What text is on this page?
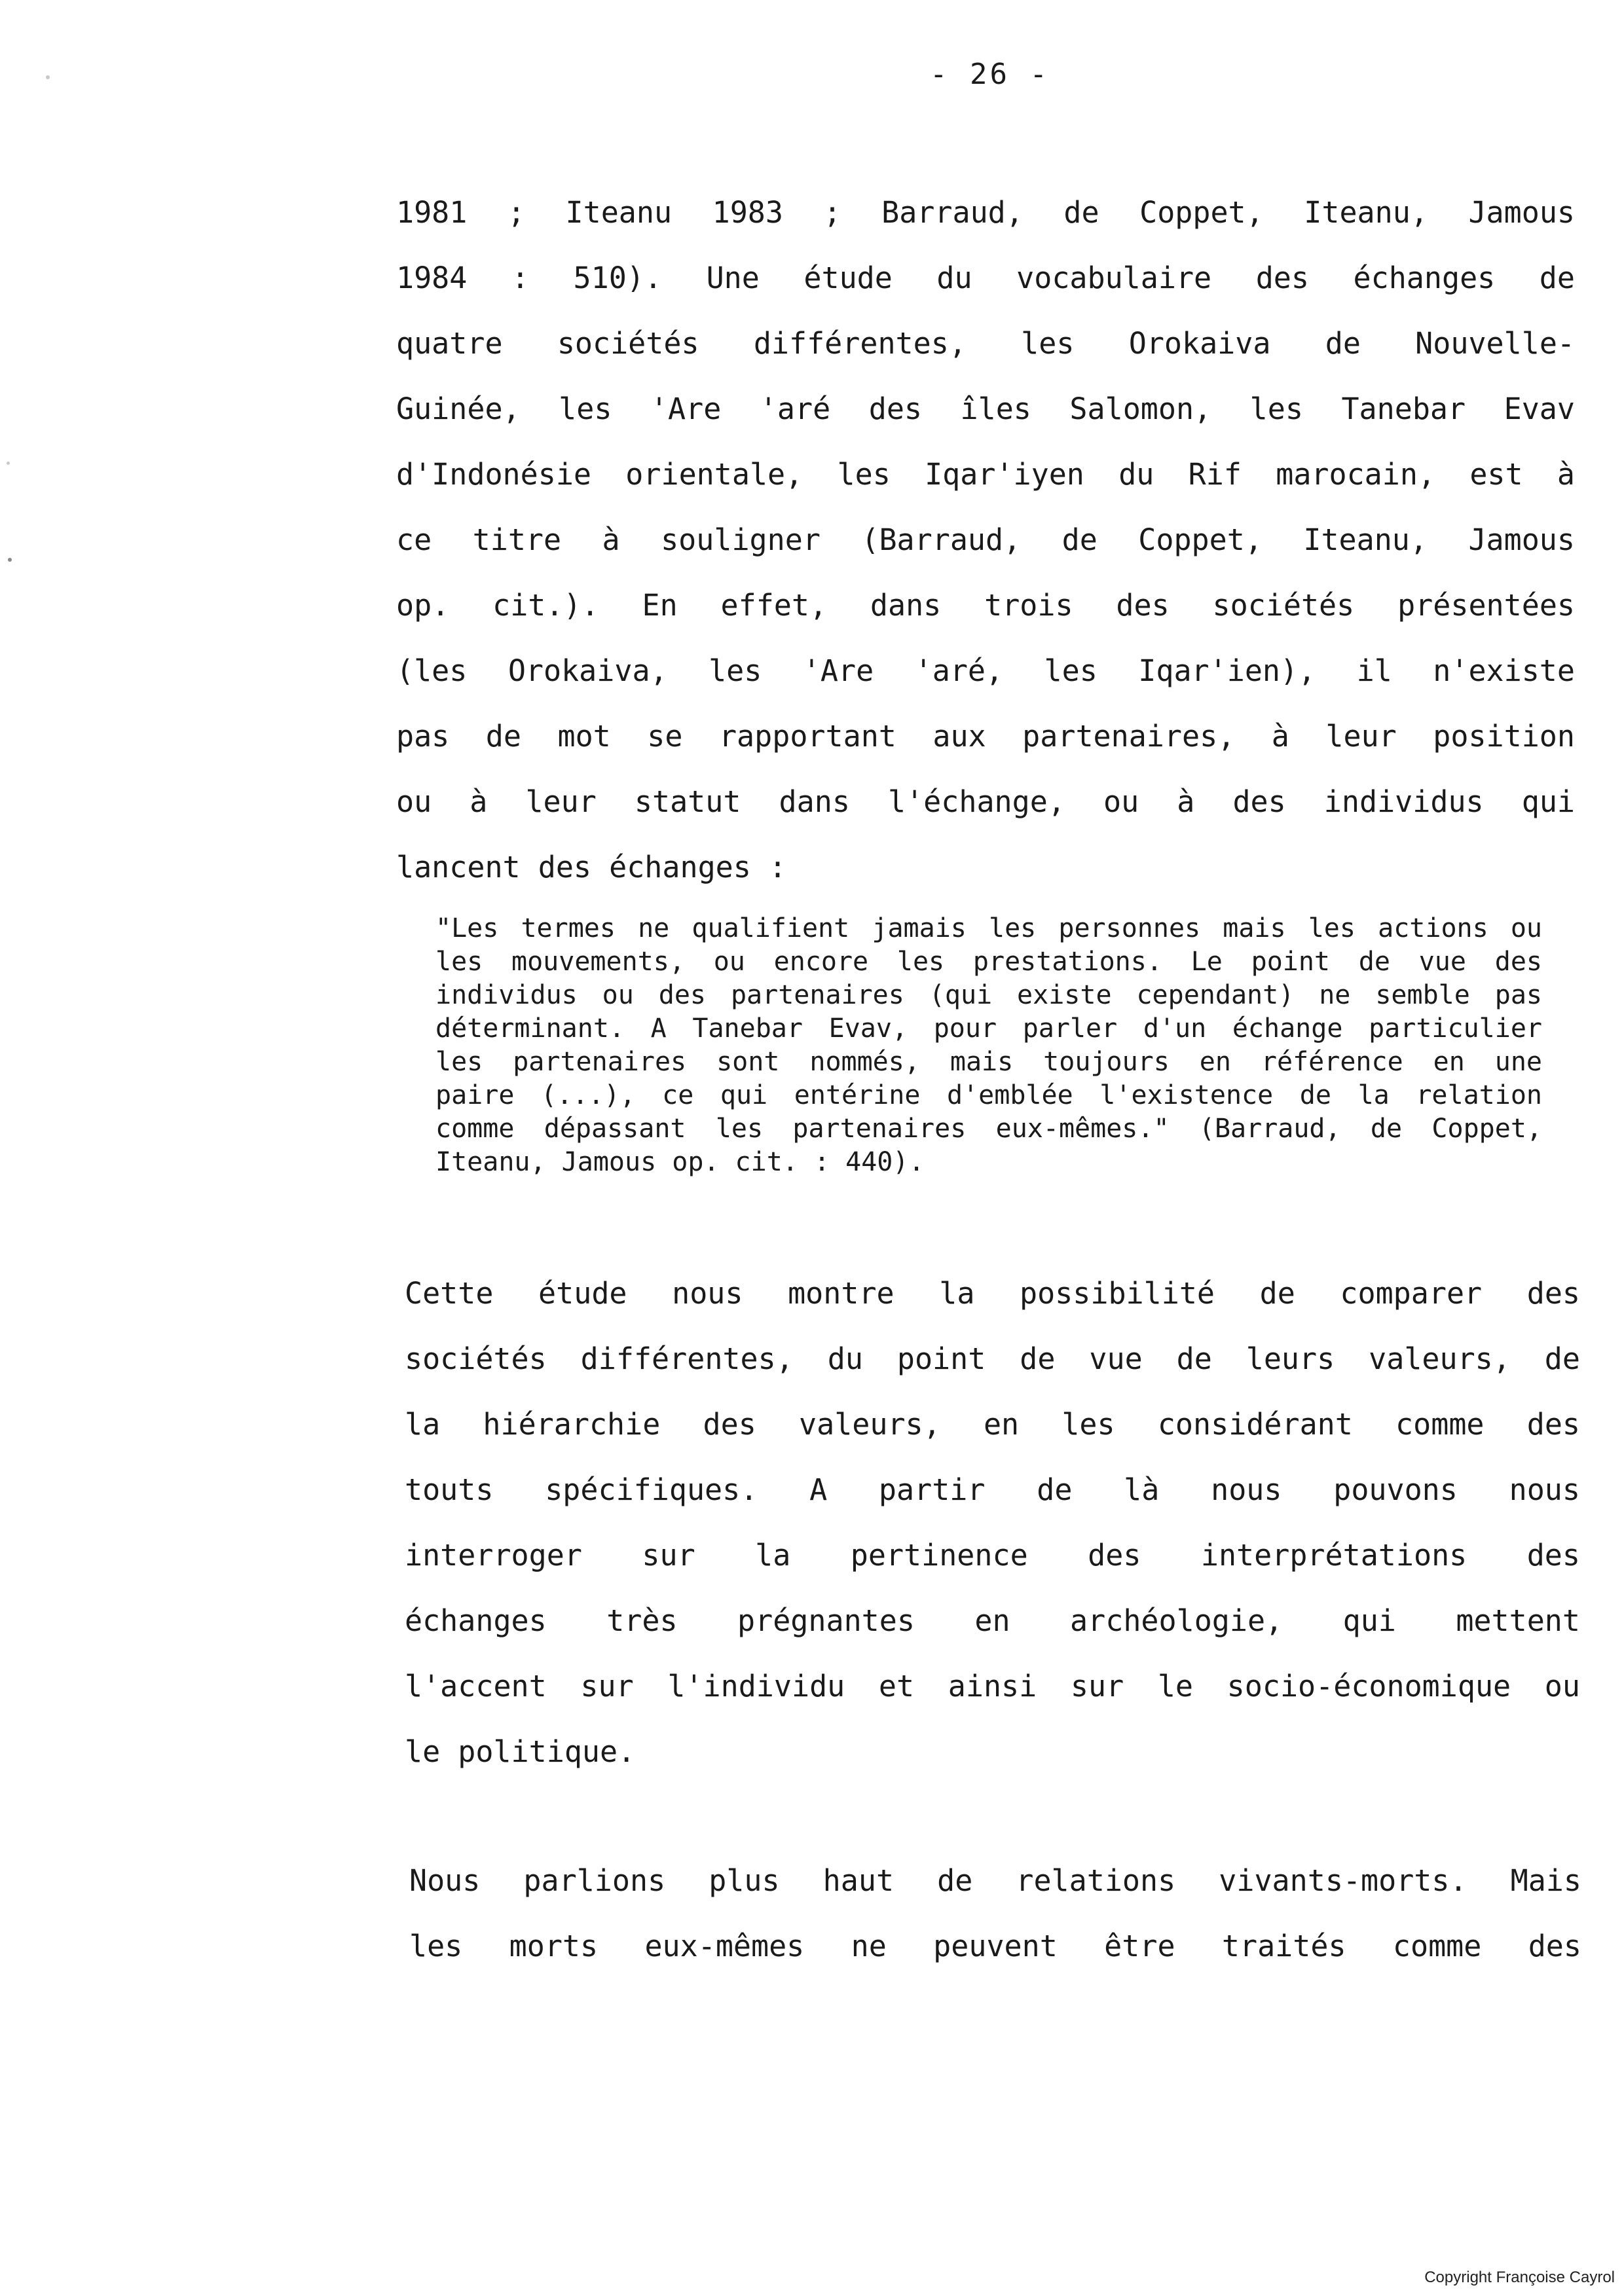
- 26 -
1981 ; Iteanu 1983 ; Barraud, de Coppet, Iteanu, Jamous
1984 : 510). Une étude du vocabulaire des échanges de
quatre sociétés différentes, les Orokaiva de Nouvelle-
Guinée, les 'Are 'aré des îles Salomon, les Tanebar Evav
d'Indonésie orientale, les Iqar'iyen du Rif marocain, est à
ce titre à souligner (Barraud, de Coppet, Iteanu, Jamous
op. cit.). En effet, dans trois des sociétés présentées
(les Orokaiva, les 'Are 'aré, les Iqar'ien), il n'existe
pas de mot se rapportant aux partenaires, à leur position
ou à leur statut dans l'échange, ou à des individus qui
lancent des échanges :
"Les termes ne qualifient jamais les personnes mais les actions ou
les mouvements, ou encore les prestations. Le point de vue des
individus ou des partenaires (qui existe cependant) ne semble pas
déterminant. A Tanebar Evav, pour parler d'un échange particulier
les partenaires sont nommés, mais toujours en référence en une
paire (...), ce qui entérine d'emblée l'existence de la relation
comme dépassant les partenaires eux-mêmes." (Barraud, de Coppet,
Iteanu, Jamous op. cit. : 440).
Cette étude nous montre la possibilité de comparer des
sociétés différentes, du point de vue de leurs valeurs, de
la hiérarchie des valeurs, en les considérant comme des
touts spécifiques. A partir de là nous pouvons nous
interroger sur la pertinence des interprétations des
échanges très prégnantes en archéologie, qui mettent
l'accent sur l'individu et ainsi sur le socio-économique ou
le politique.
Nous parlions plus haut de relations vivants-morts. Mais
les morts eux-mêmes ne peuvent être traités comme des
Copyright Françoise Cayrol
